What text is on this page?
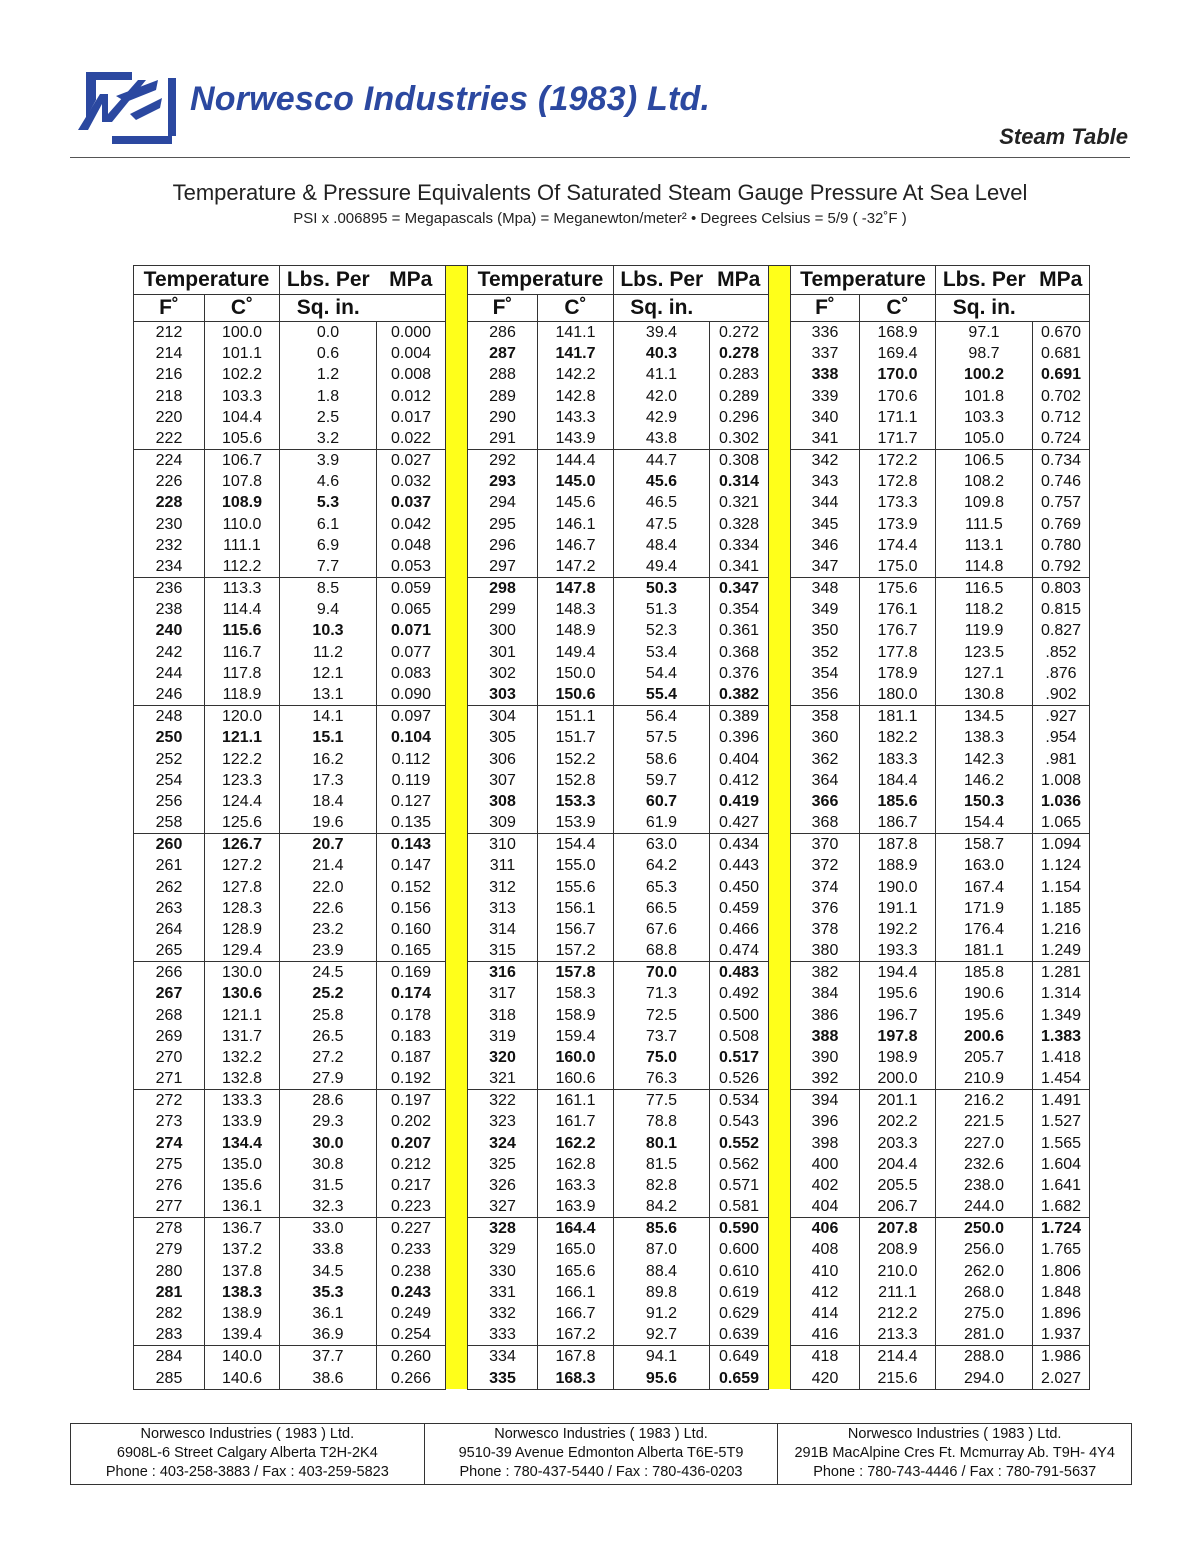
Norwesco Industries (1983) Ltd.
Steam Table
Temperature & Pressure Equivalents Of Saturated Steam Gauge Pressure At Sea Level
PSI x .006895 = Megapascals (Mpa) = Meganewton/meter² • Degrees Celsius = 5/9 ( -32˚F )
Temperature		Lbs. Per	MPa		Temperature		Lbs. Per	MPa		Temperature		Lbs. Per	MPa
F˚	C˚	Sq. in.			F˚	C˚	Sq. in.			F˚	C˚	Sq. in.	
212	100.0	0.0	0.000		286	141.1	39.4	0.272		336	168.9	97.1	0.670
214	101.1	0.6	0.004		287	141.7	40.3	0.278		337	169.4	98.7	0.681
216	102.2	1.2	0.008		288	142.2	41.1	0.283		338	170.0	100.2	0.691
218	103.3	1.8	0.012		289	142.8	42.0	0.289		339	170.6	101.8	0.702
220	104.4	2.5	0.017		290	143.3	42.9	0.296		340	171.1	103.3	0.712
222	105.6	3.2	0.022		291	143.9	43.8	0.302		341	171.7	105.0	0.724
224	106.7	3.9	0.027		292	144.4	44.7	0.308		342	172.2	106.5	0.734
226	107.8	4.6	0.032		293	145.0	45.6	0.314		343	172.8	108.2	0.746
228	108.9	5.3	0.037		294	145.6	46.5	0.321		344	173.3	109.8	0.757
230	110.0	6.1	0.042		295	146.1	47.5	0.328		345	173.9	111.5	0.769
232	111.1	6.9	0.048		296	146.7	48.4	0.334		346	174.4	113.1	0.780
234	112.2	7.7	0.053		297	147.2	49.4	0.341		347	175.0	114.8	0.792
236	113.3	8.5	0.059		298	147.8	50.3	0.347		348	175.6	116.5	0.803
238	114.4	9.4	0.065		299	148.3	51.3	0.354		349	176.1	118.2	0.815
240	115.6	10.3	0.071		300	148.9	52.3	0.361		350	176.7	119.9	0.827
242	116.7	11.2	0.077		301	149.4	53.4	0.368		352	177.8	123.5	.852
244	117.8	12.1	0.083		302	150.0	54.4	0.376		354	178.9	127.1	.876
246	118.9	13.1	0.090		303	150.6	55.4	0.382		356	180.0	130.8	.902
248	120.0	14.1	0.097		304	151.1	56.4	0.389		358	181.1	134.5	.927
250	121.1	15.1	0.104		305	151.7	57.5	0.396		360	182.2	138.3	.954
252	122.2	16.2	0.112		306	152.2	58.6	0.404		362	183.3	142.3	.981
254	123.3	17.3	0.119		307	152.8	59.7	0.412		364	184.4	146.2	1.008
256	124.4	18.4	0.127		308	153.3	60.7	0.419		366	185.6	150.3	1.036
258	125.6	19.6	0.135		309	153.9	61.9	0.427		368	186.7	154.4	1.065
260	126.7	20.7	0.143		310	154.4	63.0	0.434		370	187.8	158.7	1.094
261	127.2	21.4	0.147		311	155.0	64.2	0.443		372	188.9	163.0	1.124
262	127.8	22.0	0.152		312	155.6	65.3	0.450		374	190.0	167.4	1.154
263	128.3	22.6	0.156		313	156.1	66.5	0.459		376	191.1	171.9	1.185
264	128.9	23.2	0.160		314	156.7	67.6	0.466		378	192.2	176.4	1.216
265	129.4	23.9	0.165		315	157.2	68.8	0.474		380	193.3	181.1	1.249
266	130.0	24.5	0.169		316	157.8	70.0	0.483		382	194.4	185.8	1.281
267	130.6	25.2	0.174		317	158.3	71.3	0.492		384	195.6	190.6	1.314
268	121.1	25.8	0.178		318	158.9	72.5	0.500		386	196.7	195.6	1.349
269	131.7	26.5	0.183		319	159.4	73.7	0.508		388	197.8	200.6	1.383
270	132.2	27.2	0.187		320	160.0	75.0	0.517		390	198.9	205.7	1.418
271	132.8	27.9	0.192		321	160.6	76.3	0.526		392	200.0	210.9	1.454
272	133.3	28.6	0.197		322	161.1	77.5	0.534		394	201.1	216.2	1.491
273	133.9	29.3	0.202		323	161.7	78.8	0.543		396	202.2	221.5	1.527
274	134.4	30.0	0.207		324	162.2	80.1	0.552		398	203.3	227.0	1.565
275	135.0	30.8	0.212		325	162.8	81.5	0.562		400	204.4	232.6	1.604
276	135.6	31.5	0.217		326	163.3	82.8	0.571		402	205.5	238.0	1.641
277	136.1	32.3	0.223		327	163.9	84.2	0.581		404	206.7	244.0	1.682
278	136.7	33.0	0.227		328	164.4	85.6	0.590		406	207.8	250.0	1.724
279	137.2	33.8	0.233		329	165.0	87.0	0.600		408	208.9	256.0	1.765
280	137.8	34.5	0.238		330	165.6	88.4	0.610		410	210.0	262.0	1.806
281	138.3	35.3	0.243		331	166.1	89.8	0.619		412	211.1	268.0	1.848
282	138.9	36.1	0.249		332	166.7	91.2	0.629		414	212.2	275.0	1.896
283	139.4	36.9	0.254		333	167.2	92.7	0.639		416	213.3	281.0	1.937
284	140.0	37.7	0.260		334	167.8	94.1	0.649		418	214.4	288.0	1.986
285	140.6	38.6	0.266		335	168.3	95.6	0.659		420	215.6	294.0	2.027
Norwesco Industries ( 1983 ) Ltd.
6908L-6 Street Calgary Alberta T2H-2K4
Phone : 403-258-3883 / Fax : 403-259-5823
Norwesco Industries ( 1983 ) Ltd.
9510-39 Avenue Edmonton Alberta T6E-5T9
Phone : 780-437-5440 / Fax : 780-436-0203
Norwesco Industries ( 1983 ) Ltd.
291B MacAlpine Cres Ft. Mcmurray Ab. T9H- 4Y4
Phone : 780-743-4446 / Fax : 780-791-5637
